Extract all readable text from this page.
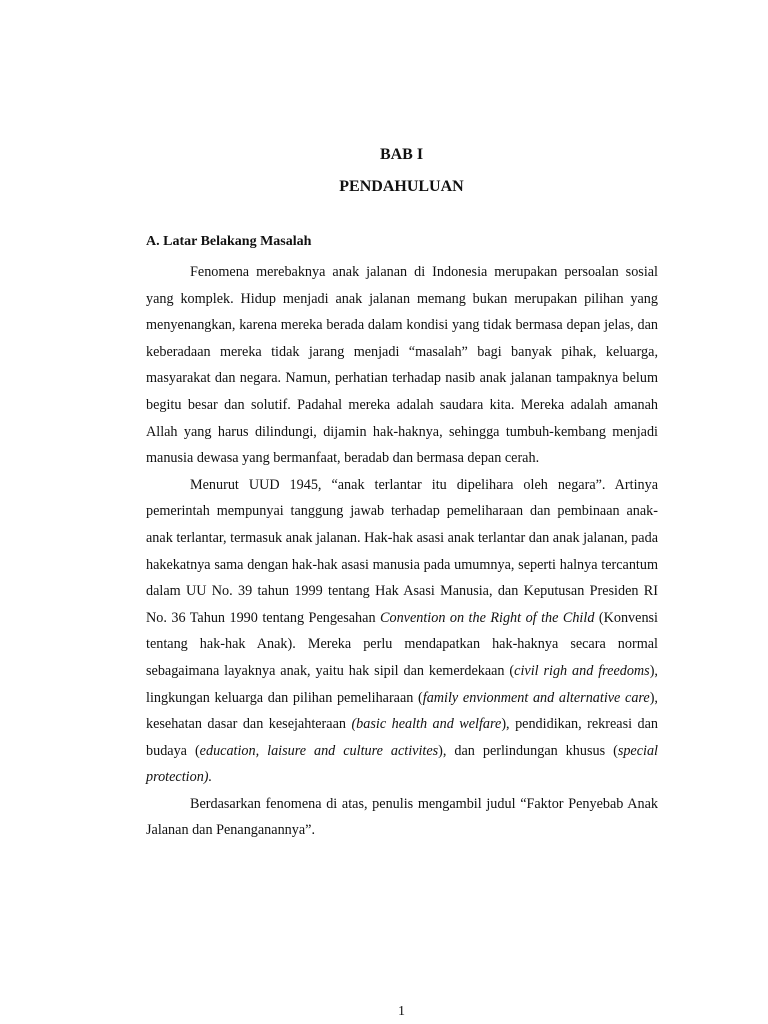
BAB I
PENDAHULUAN
A. Latar Belakang Masalah

Fenomena merebaknya anak jalanan di Indonesia merupakan persoalan sosial yang komplek. Hidup menjadi anak jalanan memang bukan merupakan pilihan yang menyenangkan, karena mereka berada dalam kondisi yang tidak bermasa depan jelas, dan keberadaan mereka tidak jarang menjadi “masalah” bagi banyak pihak, keluarga, masyarakat dan negara. Namun, perhatian terhadap nasib anak jalanan tampaknya belum begitu besar dan solutif. Padahal mereka adalah saudara kita. Mereka adalah amanah Allah yang harus dilindungi, dijamin hak-haknya, sehingga tumbuh-kembang menjadi manusia dewasa yang bermanfaat, beradab dan bermasa depan cerah.

Menurut UUD 1945, “anak terlantar itu dipelihara oleh negara”. Artinya pemerintah mempunyai tanggung jawab terhadap pemeliharaan dan pembinaan anak-anak terlantar, termasuk anak jalanan. Hak-hak asasi anak terlantar dan anak jalanan, pada hakekatnya sama dengan hak-hak asasi manusia pada umumnya, seperti halnya tercantum dalam UU No. 39 tahun 1999 tentang Hak Asasi Manusia, dan Keputusan Presiden RI No. 36 Tahun 1990 tentang Pengesahan Convention on the Right of the Child (Konvensi tentang hak-hak Anak). Mereka perlu mendapatkan hak-haknya secara normal sebagaimana layaknya anak, yaitu hak sipil dan kemerdekaan (civil righ and freedoms), lingkungan keluarga dan pilihan pemeliharaan (family envionment and alternative care), kesehatan dasar dan kesejahteraan (basic health and welfare), pendidikan, rekreasi dan budaya (education, laisure and culture activites), dan perlindungan khusus (special protection).

Berdasarkan fenomena di atas, penulis mengambil judul “Faktor Penyebab Anak Jalanan dan Penanganannya”.

1
